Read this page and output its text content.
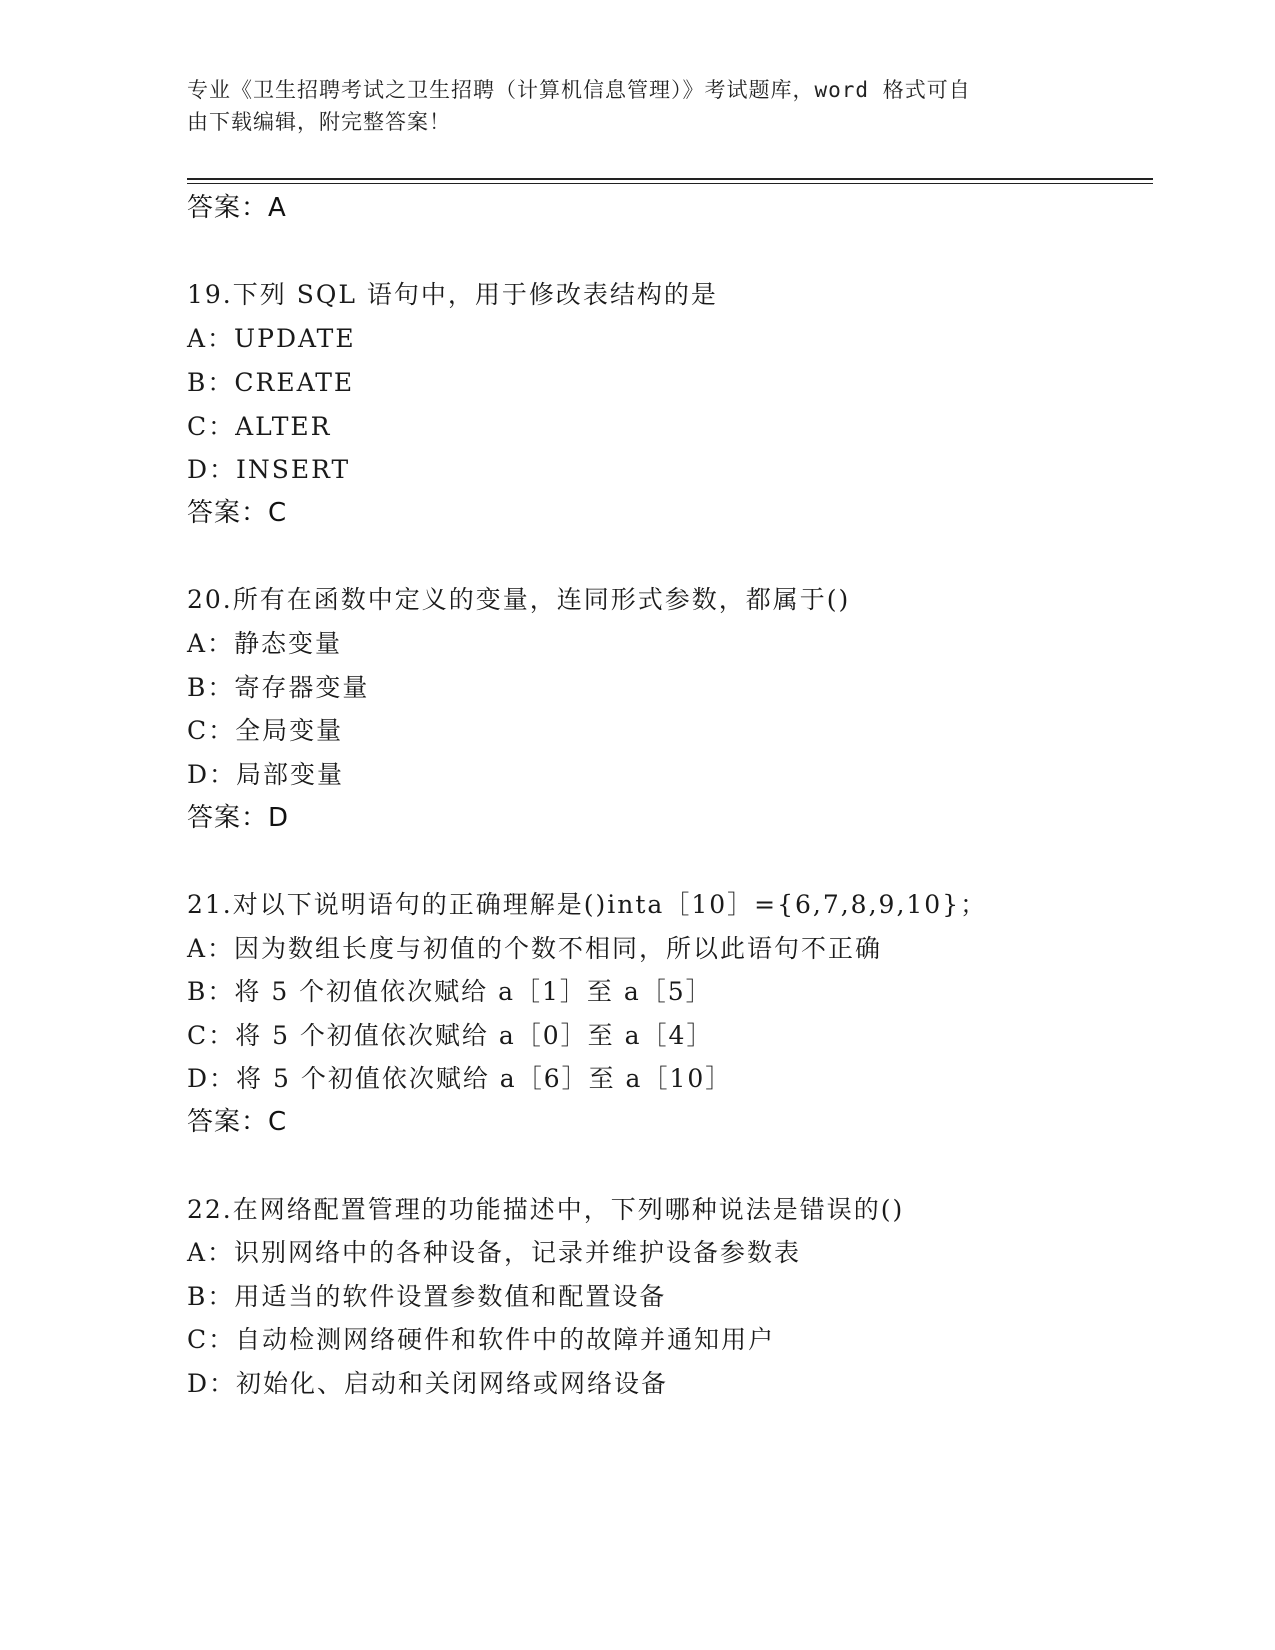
专业《卫生招聘考试之卫生招聘（计算机信息管理）》考试题库，word 格式可自
由下载编辑，附完整答案！
答案：A
19.下列 SQL 语句中，用于修改表结构的是
A：UPDATE
B：CREATE
C：ALTER
D：INSERT
答案：C
20.所有在函数中定义的变量，连同形式参数，都属于()
A：静态变量
B：寄存器变量
C：全局变量
D：局部变量
答案：D
21.对以下说明语句的正确理解是()inta［10］={6,7,8,9,10}；
A：因为数组长度与初值的个数不相同，所以此语句不正确
B：将 5 个初值依次赋给 a［1］至 a［5］
C：将 5 个初值依次赋给 a［0］至 a［4］
D：将 5 个初值依次赋给 a［6］至 a［10］
答案：C
22.在网络配置管理的功能描述中，下列哪种说法是错误的()
A：识别网络中的各种设备，记录并维护设备参数表
B：用适当的软件设置参数值和配置设备
C：自动检测网络硬件和软件中的故障并通知用户
D：初始化、启动和关闭网络或网络设备
